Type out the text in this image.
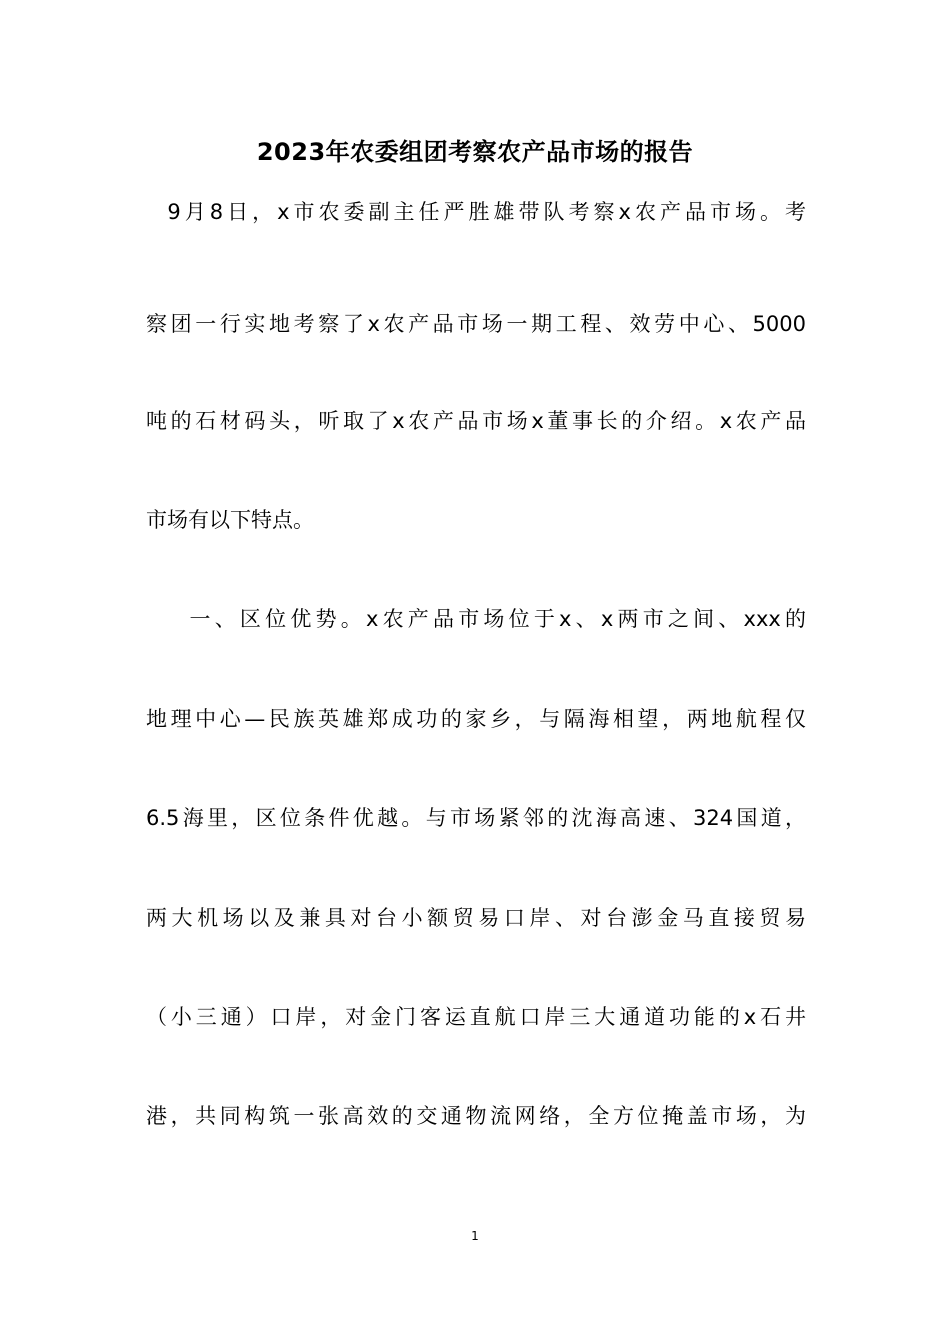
2023年农委组团考察农产品市场的报告
9月8日，x市农委副主任严胜雄带队考察x农产品市场。考
察团一行实地考察了x农产品市场一期工程、效劳中心、5000
吨的石材码头，听取了x农产品市场x董事长的介绍。x农产品
市场有以下特点。
一、区位优势。x农产品市场位于x、x两市之间、xxx的
地理中心—民族英雄郑成功的家乡，与隔海相望，两地航程仅
6.5海里，区位条件优越。与市场紧邻的沈海高速、324国道，
两大机场以及兼具对台小额贸易口岸、对台澎金马直接贸易
（小三通）口岸，对金门客运直航口岸三大通道功能的x石井
港，共同构筑一张高效的交通物流网络，全方位掩盖市场，为
1
